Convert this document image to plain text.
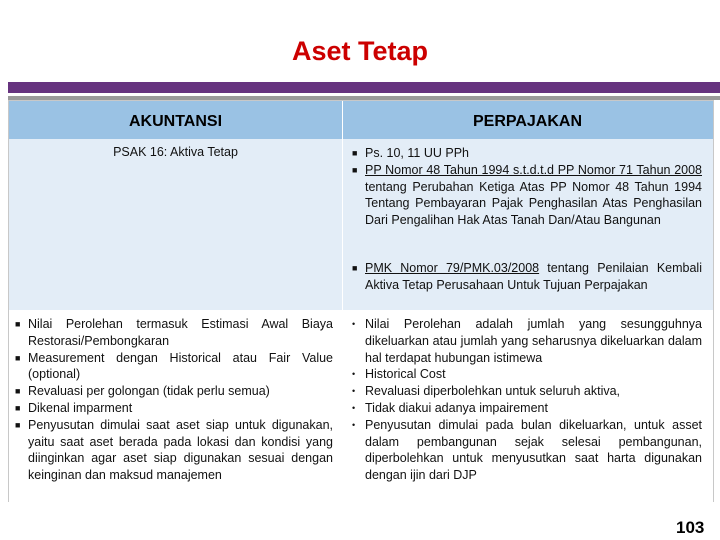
Aset Tetap
AKUNTANSI	PERPAJAKAN
PSAK 16: Aktiva Tetap	■ Ps. 10, 11 UU PPh
■ PP Nomor 48 Tahun 1994 s.t.d.t.d PP Nomor 71 Tahun 2008 tentang Perubahan Ketiga Atas PP Nomor 48 Tahun 1994 Tentang Pembayaran Pajak Penghasilan Atas Penghasilan Dari Pengalihan Hak Atas Tanah Dan/Atau Bangunan
■ PMK Nomor 79/PMK.03/2008 tentang Penilaian Kembali Aktiva Tetap Perusahaan Untuk Tujuan Perpajakan
■ Nilai Perolehan termasuk Estimasi Awal Biaya Restorasi/Pembongkaran
■ Measurement dengan Historical atau Fair Value (optional)
■ Revaluasi per golongan (tidak perlu semua)
■ Dikenal imparment
■ Penyusutan dimulai saat aset siap untuk digunakan, yaitu saat aset berada pada lokasi dan kondisi yang diinginkan agar aset siap digunakan sesuai dengan keinginan dan maksud manajemen
• Nilai Perolehan adalah jumlah yang sesungguhnya dikeluarkan atau jumlah yang seharusnya dikeluarkan dalam hal terdapat hubungan istimewa
• Historical Cost
• Revaluasi diperbolehkan untuk seluruh aktiva,
• Tidak diakui adanya impairement
• Penyusutan dimulai pada bulan dikeluarkan, untuk asset dalam pembangunan sejak selesai pembangunan, diperbolehkan untuk menyusutkan saat harta digunakan dengan ijin dari DJP
103
